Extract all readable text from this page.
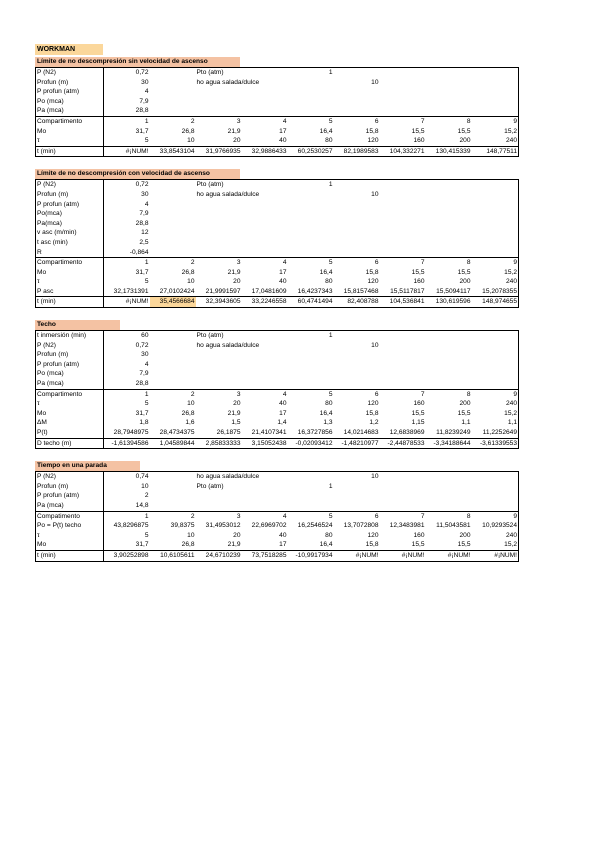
WORKMAN
Límite de no descompresión sin velocidad de ascenso
P (N2)	0,72		Pto (atm)		1				
Profun (m)	30		ho agua salada/dulce			10			
P profun (atm)	4								
Po (mca)	7,9								
Pa (mca)	28,8								
Compartimento	1	2	3	4	5	6	7	8	9
Mo	31,7	26,8	21,9	17	16,4	15,8	15,5	15,5	15,2
τ	5	10	20	40	80	120	160	200	240
t (min)	#¡NUM!	33,8543104	31,9766935	32,9886433	60,2530257	82,1989583	104,332271	130,415339	148,77511
Límite de no descompresión con velocidad de ascenso
P (N2)	0,72		Pto (atm)		1				
Profun (m)	30		ho agua salada/dulce			10			
P profun (atm)	4								
Po(mca)	7,9								
Pa(mca)	28,8								
v asc (m/min)	12								
t asc (min)	2,5								
R	-0,864								
Compartimento	1	2	3	4	5	6	7	8	9
Mo	31,7	26,8	21,9	17	16,4	15,8	15,5	15,5	15,2
τ	5	10	20	40	80	120	160	200	240
P asc	32,1731391	27,0102424	21,9991597	17,0481609	16,4237343	15,8157468	15,5117817	15,5094117	15,2078355
t (min)	#¡NUM!	35,4566684	32,3943605	33,2246558	60,4741494	82,408788	104,536841	130,619596	148,974655
Techo
t inmersión (min)	60		Pto (atm)		1				
P (N2)	0,72		ho agua salada/dulce			10			
Profun (m)	30								
P profun (atm)	4								
Po (mca)	7,9								
Pa (mca)	28,8								
Compartimento	1	2	3	4	5	6	7	8	9
τ	5	10	20	40	80	120	160	200	240
Mo	31,7	26,8	21,9	17	16,4	15,8	15,5	15,5	15,2
ΔM	1,8	1,6	1,5	1,4	1,3	1,2	1,15	1,1	1,1
P(t)	28,7948975	28,4734375	26,1875	21,4107341	16,3727856	14,0214683	12,6838969	11,8239249	11,2252649
D techo (m)	-1,61394586	1,04589844	2,85833333	3,15052438	-0,02093412	-1,48210977	-2,44878533	-3,34188644	-3,61339553
Tiempo en una parada
P (N2)	0,74		ho agua salada/dulce			10			
Profun (m)	10		Pto (atm)		1				
P profun (atm)	2								
Pa (mca)	14,8								
Compatimento	1	2	3	4	5	6	7	8	9
Po = P(t) techo	43,8296875	39,8375	31,4953012	22,6969702	16,2546524	13,7072808	12,3483981	11,5043581	10,9293524
τ	5	10	20	40	80	120	160	200	240
Mo	31,7	26,8	21,9	17	16,4	15,8	15,5	15,5	15,2
t (min)	3,90252898	10,6105611	24,6710239	73,7518285	-10,9917934	#¡NUM!	#¡NUM!	#¡NUM!	#¡NUM!
